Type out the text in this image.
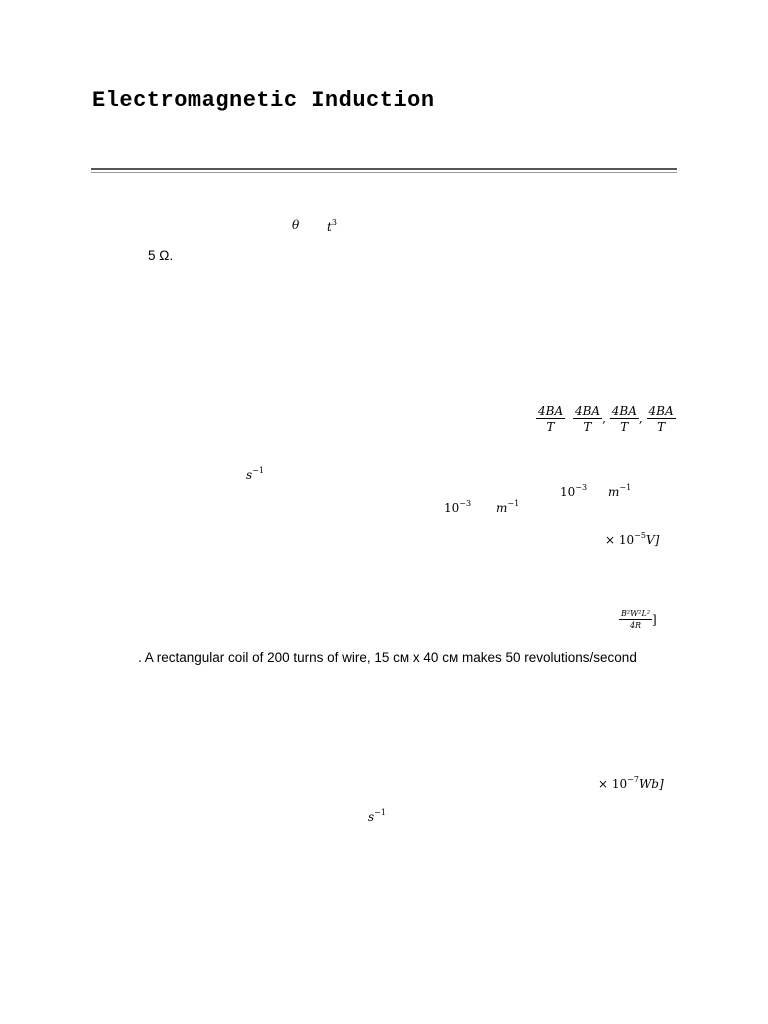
Electromagnetic Induction
θ $t^3$
5 Ω.
$\frac{4BA}{T}$
$\frac{4BA}{T}$ , $\frac{4BA}{T}$ , $\frac{4BA}{T}$
$s^{-1}$
$10^{-3}$ $m^{-1}$
$10^{-3}$ $m^{-1}$
× $10^{-5}V$]
$\frac{\text{B²W²L²}}{4R}$ ]
. A rectangular coil of 200 turns of wire, 15 см x 40 см makes 50 revolutions/second
× $10^{-7}Wb$]
$s^{-1}$
